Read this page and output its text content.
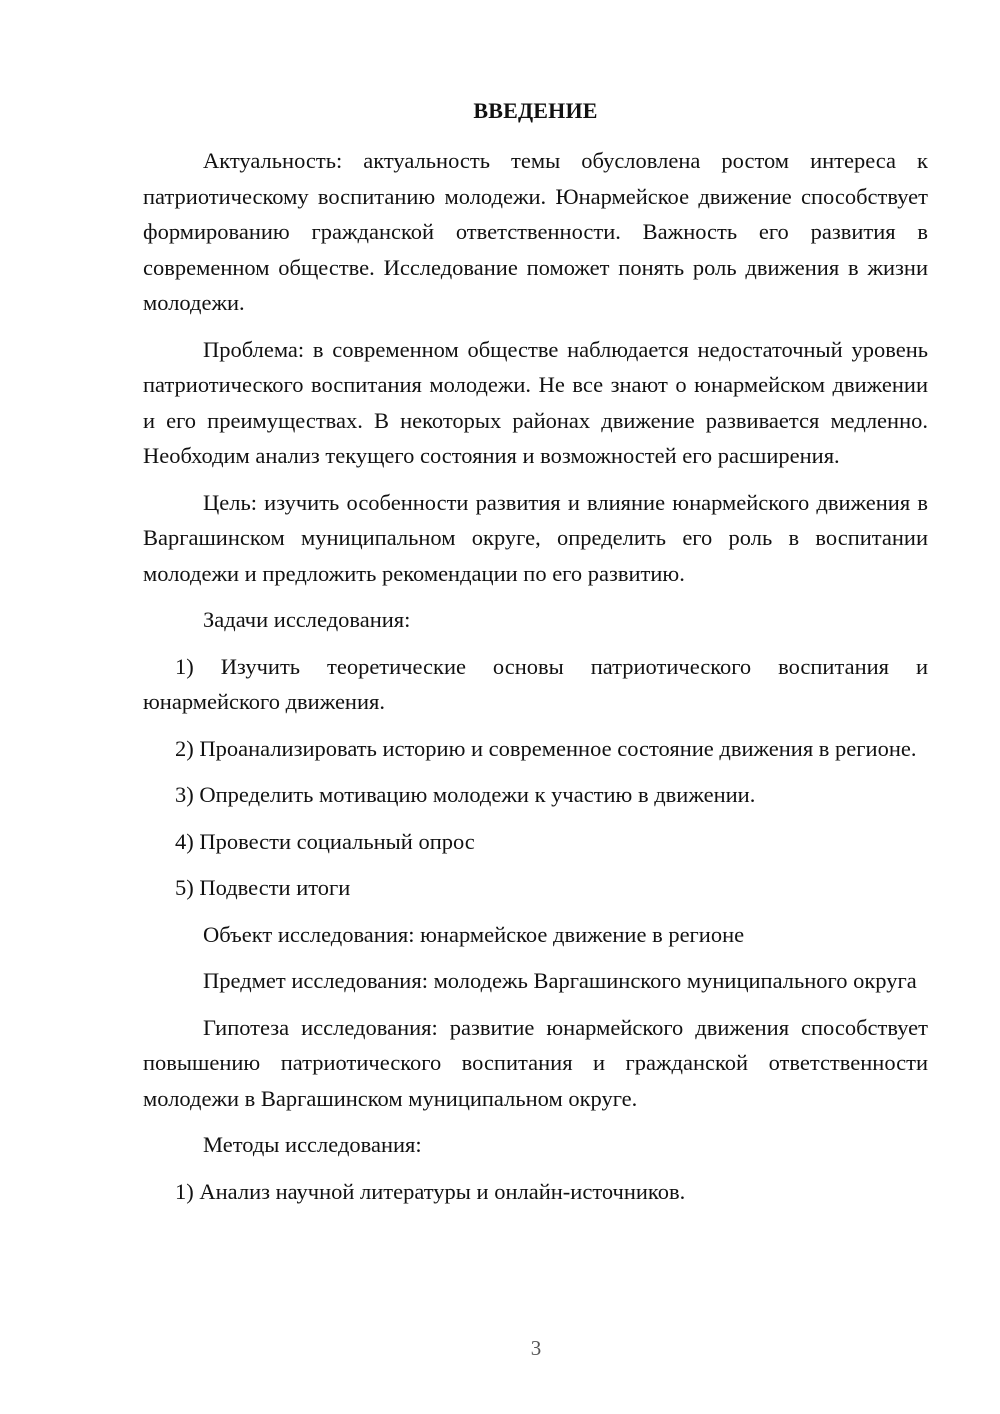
ВВЕДЕНИЕ

Актуальность: актуальность темы обусловлена ростом интереса к патриотическому воспитанию молодежи. Юнармейское движение способствует формированию гражданской ответственности. Важность его развития в современном обществе. Исследование поможет понять роль движения в жизни молодежи.

Проблема: в современном обществе наблюдается недостаточный уровень патриотического воспитания молодежи. Не все знают о юнармейском движении и его преимуществах. В некоторых районах движение развивается медленно. Необходим анализ текущего состояния и возможностей его расширения.

Цель: изучить особенности развития и влияние юнармейского движения в Варгашинском муниципальном округе, определить его роль в воспитании молодежи и предложить рекомендации по его развитию.

Задачи исследования:

1) Изучить теоретические основы патриотического воспитания и юнармейского движения.

2) Проанализировать историю и современное состояние движения в регионе.

3) Определить мотивацию молодежи к участию в движении.

4) Провести социальный опрос

5) Подвести итоги

Объект исследования: юнармейское движение в регионе

Предмет исследования: молодежь Варгашинского муниципального округа

Гипотеза исследования: развитие юнармейского движения способствует повышению патриотического воспитания и гражданской ответственности молодежи в Варгашинском муниципальном округе.

Методы исследования:

1) Анализ научной литературы и онлайн-источников.

3
